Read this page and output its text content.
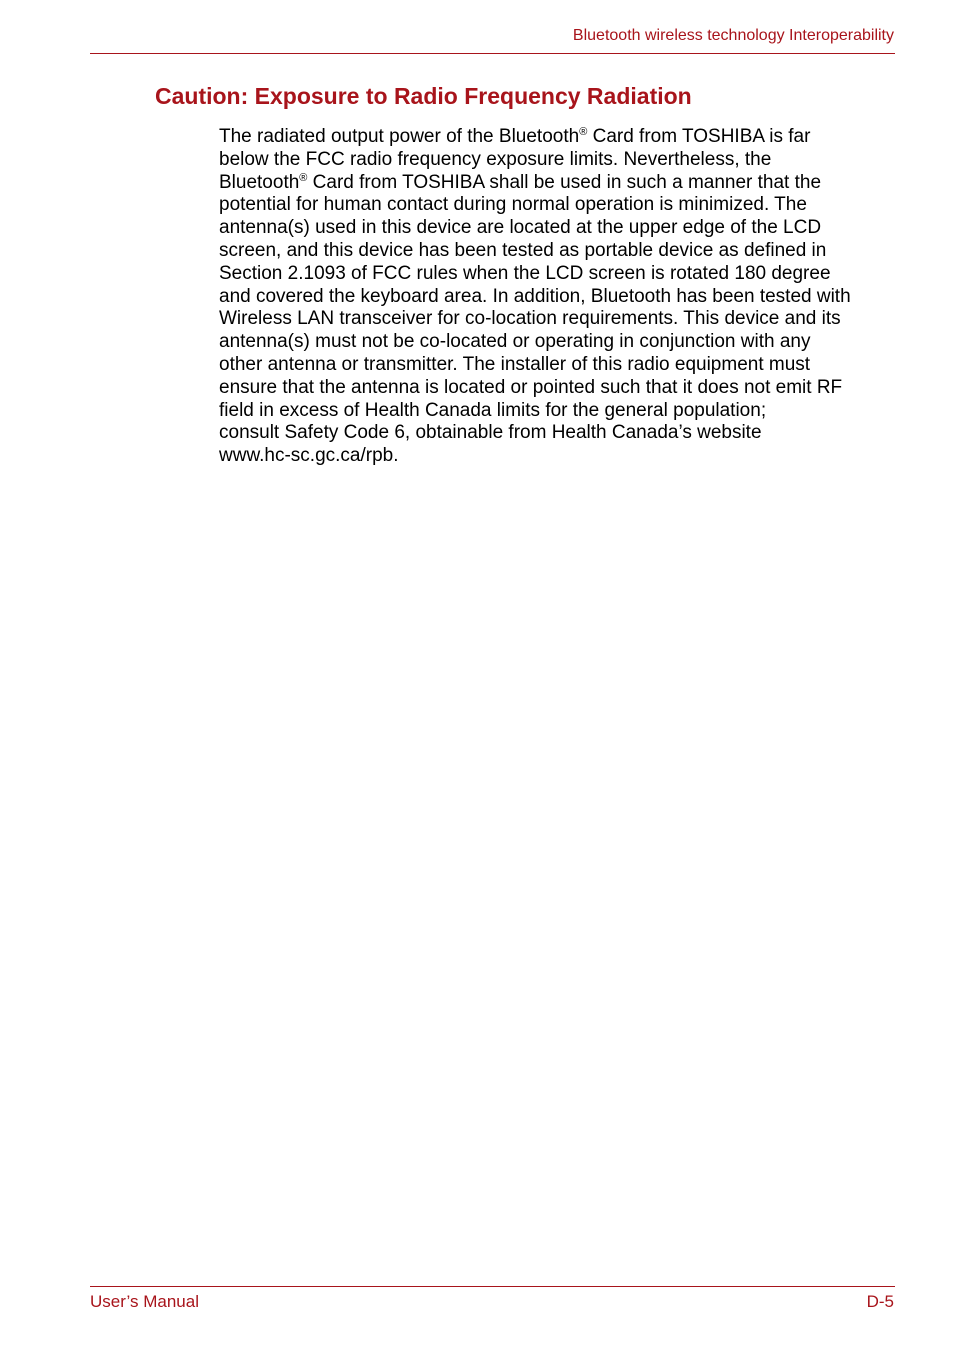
Bluetooth wireless technology Interoperability
Caution: Exposure to Radio Frequency Radiation
The radiated output power of the Bluetooth® Card from TOSHIBA is far
below the FCC radio frequency exposure limits. Nevertheless, the
Bluetooth® Card from TOSHIBA shall be used in such a manner that the
potential for human contact during normal operation is minimized. The
antenna(s) used in this device are located at the upper edge of the LCD
screen, and this device has been tested as portable device as defined in
Section 2.1093 of FCC rules when the LCD screen is rotated 180 degree
and covered the keyboard area. In addition, Bluetooth has been tested with
Wireless LAN transceiver for co-location requirements. This device and its
antenna(s) must not be co-located or operating in conjunction with any
other antenna or transmitter. The installer of this radio equipment must
ensure that the antenna is located or pointed such that it does not emit RF
field in excess of Health Canada limits for the general population;
consult Safety Code 6, obtainable from Health Canada’s website
www.hc-sc.gc.ca/rpb.
User’s Manual	D-5
